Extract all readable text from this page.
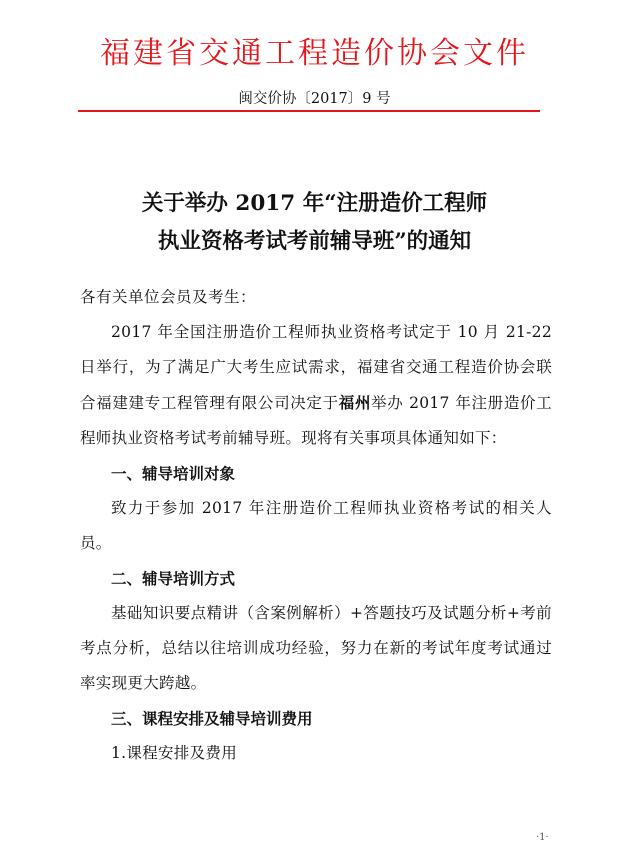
福建省交通工程造价协会文件
闽交价协〔2017〕9 号
关于举办 2017 年“注册造价工程师
执业资格考试考前辅导班”的通知

各有关单位会员及考生：

2017 年全国注册造价工程师执业资格考试定于 10 月 21-22 日举行，为了满足广大考生应试需求，福建省交通工程造价协会联合福建建专工程管理有限公司决定于福州举办 2017 年注册造价工程师执业资格考试考前辅导班。现将有关事项具体通知如下：

一、辅导培训对象

致力于参加 2017 年注册造价工程师执业资格考试的相关人员。

二、辅导培训方式

基础知识要点精讲（含案例解析）+答题技巧及试题分析+考前考点分析，总结以往培训成功经验，努力在新的考试年度考试通过率实现更大跨越。

三、课程安排及辅导培训费用

1.课程安排及费用

·1·
